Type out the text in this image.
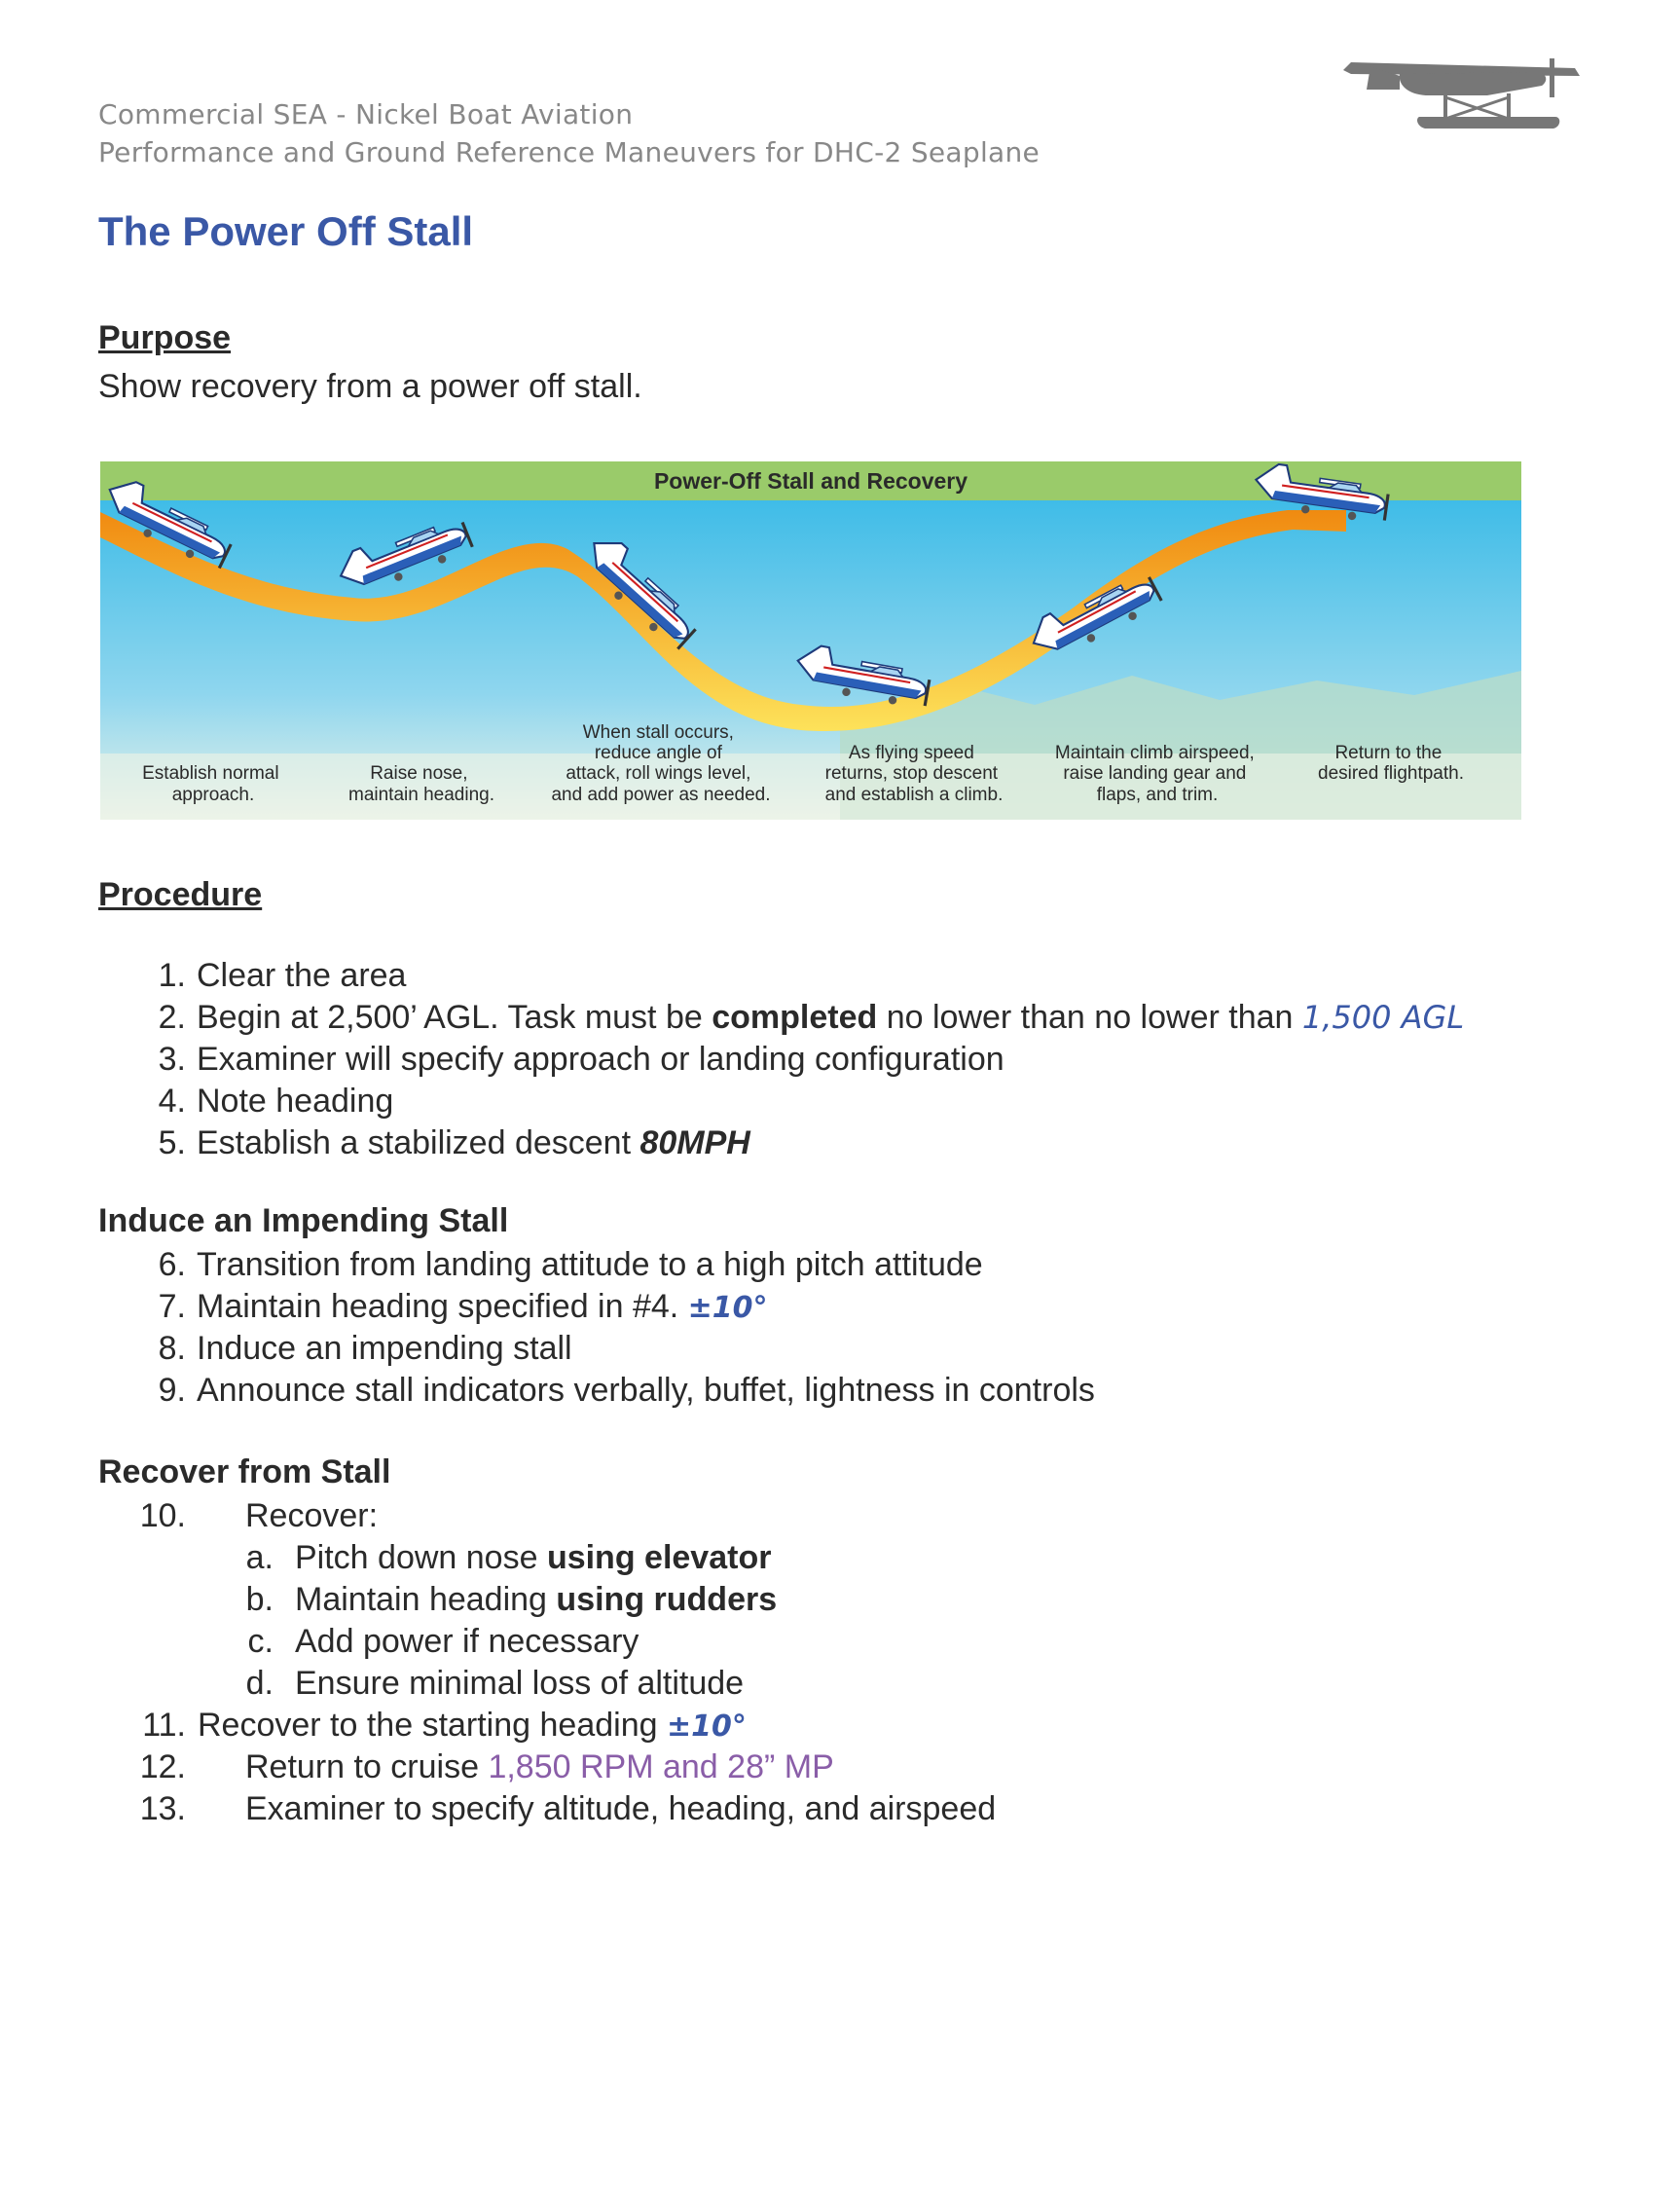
Commercial SEA - Nickel Boat Aviation
Performance and Ground Reference Maneuvers for DHC-2 Seaplane
The Power Off Stall
Purpose
Show recovery from a power off stall.
Power-Off Stall and Recovery
Establish normal approach.
Raise nose, maintain heading.
When stall occurs, reduce angle of attack, roll wings level, and add power as needed.
As flying speed returns, stop descent and establish a climb.
Maintain climb airspeed, raise landing gear and flaps, and trim.
Return to the desired flightpath.
Procedure
1. Clear the area
2. Begin at 2,500’ AGL. Task must be completed no lower than no lower than 1,500 AGL
3. Examiner will specify approach or landing configuration
4. Note heading
5. Establish a stabilized descent 80MPH
Induce an Impending Stall
6. Transition from landing attitude to a high pitch attitude
7. Maintain heading specified in #4. ±10°
8. Induce an impending stall
9. Announce stall indicators verbally, buffet, lightness in controls
Recover from Stall
10. Recover:
a. Pitch down nose using elevator
b. Maintain heading using rudders
c. Add power if necessary
d. Ensure minimal loss of altitude
11. Recover to the starting heading ±10°
12. Return to cruise 1,850 RPM and 28” MP
13. Examiner to specify altitude, heading, and airspeed
